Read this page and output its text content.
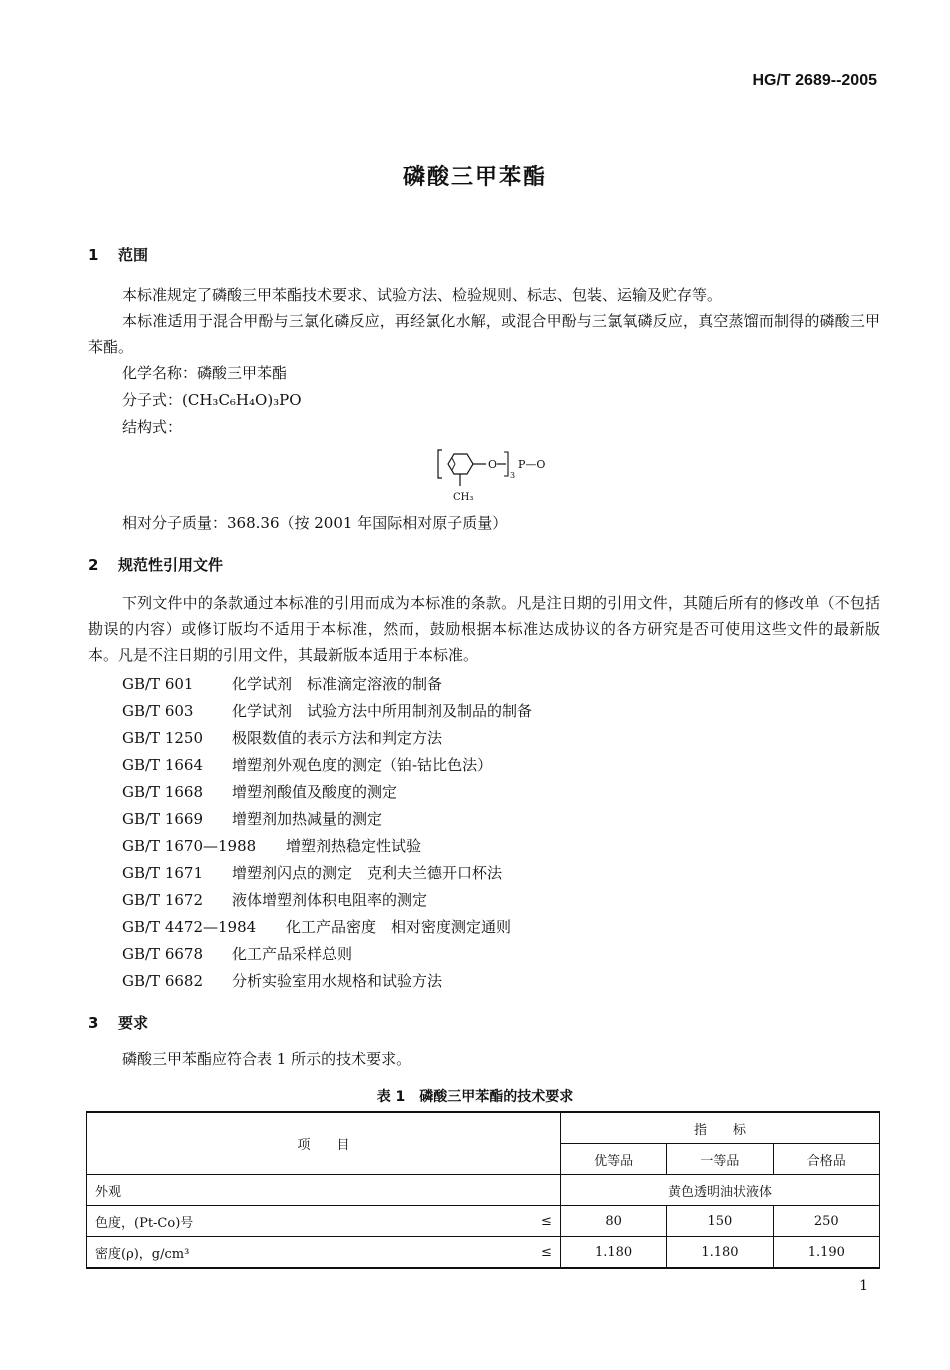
HG/T 2689--2005
磷酸三甲苯酯
1 范围
本标准规定了磷酸三甲苯酯技术要求、试验方法、检验规则、标志、包装、运输及贮存等。
本标准适用于混合甲酚与三氯化磷反应，再经氯化水解，或混合甲酚与三氯氧磷反应，真空蒸馏而制得的磷酸三甲苯酯。
化学名称：磷酸三甲苯酯
分子式：(CH₃C₆H₄O)₃PO
结构式：
O
3
P—O
CH₃
相对分子质量：368.36（按 2001 年国际相对原子质量）
2 规范性引用文件
下列文件中的条款通过本标准的引用而成为本标准的条款。凡是注日期的引用文件，其随后所有的修改单（不包括勘误的内容）或修订版均不适用于本标准，然而，鼓励根据本标准达成协议的各方研究是否可使用这些文件的最新版本。凡是不注日期的引用文件，其最新版本适用于本标准。
GB/T 601	化学试剂　标准滴定溶液的制备
GB/T 603	化学试剂　试验方法中所用制剂及制品的制备
GB/T 1250 极限数值的表示方法和判定方法
GB/T 1664 增塑剂外观色度的测定（铂-钴比色法）
GB/T 1668 增塑剂酸值及酸度的测定
GB/T 1669 增塑剂加热减量的测定
GB/T 1670—1988 增塑剂热稳定性试验
GB/T 1671 增塑剂闪点的测定　克利夫兰德开口杯法
GB/T 1672 液体增塑剂体积电阻率的测定
GB/T 4472—1984 化工产品密度　相对密度测定通则
GB/T 6678 化工产品采样总则
GB/T 6682 分析实验室用水规格和试验方法
3 要求
磷酸三甲苯酯应符合表 1 所示的技术要求。
表 1　磷酸三甲苯酯的技术要求
项　　目		指　　标		
		优等品	一等品	合格品
外观		黄色透明油状液体		
色度，(Pt-Co)号	≤	80	150	250
密度(ρ)，g/cm³	≤	1.180	1.180	1.190
1
